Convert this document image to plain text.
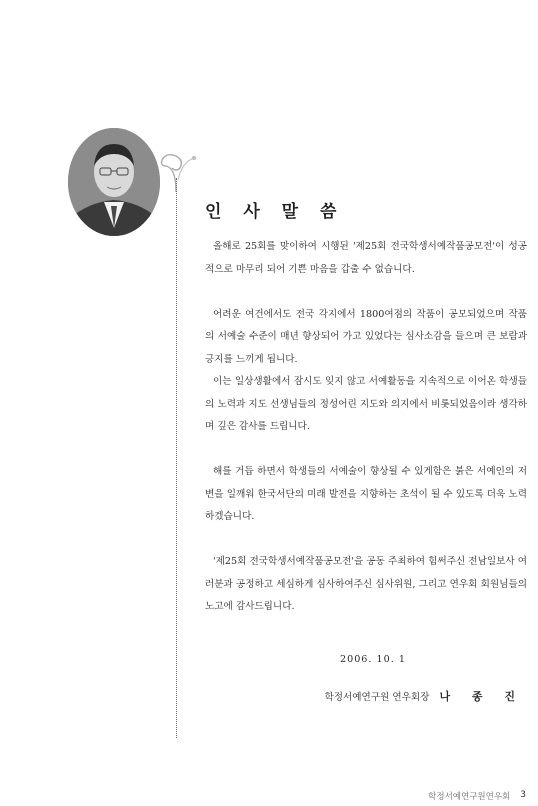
인 사 말 씀

올해로 25회를 맞이하여 시행된 '제25회 전국학생서예작품공모전'이 성공적으로 마무리 되어 기쁜 마음을 갑출 수 없습니다.

어려운 여건에서도 전국 각지에서 1800여점의 작품이 공모되었으며 작품의 서예술 수준이 매년 향상되어 가고 있었다는 심사소감을 들으며 큰 보람과 긍지를 느끼게 됩니다.

이는 일상생활에서 잠시도 잊지 않고 서예활동을 지속적으로 이어온 학생들의 노력과 지도 선생님들의 정성어린 지도와 의지에서 비롯되었음이라 생각하며 깊은 감사를 드립니다.

해를 거듭 하면서 학생들의 서예술이 향상될 수 있게함은 붉은 서예인의 저변을 일깨워 한국서단의 미래 발전을 지향하는 초석이 될 수 있도록 더욱 노력하겠습니다.

'제25회 전국학생서예작품공모전'을 공동 주최하여 힘써주신 전남일보사 여러분과 공정하고 세심하게 심사하여주신 심사위원, 그리고 연우회 회원님들의 노고에 감사드립니다.

2006. 10. 1
학정서예연구원 연우회장 나 종 진
학정서예연구원연우회 3
